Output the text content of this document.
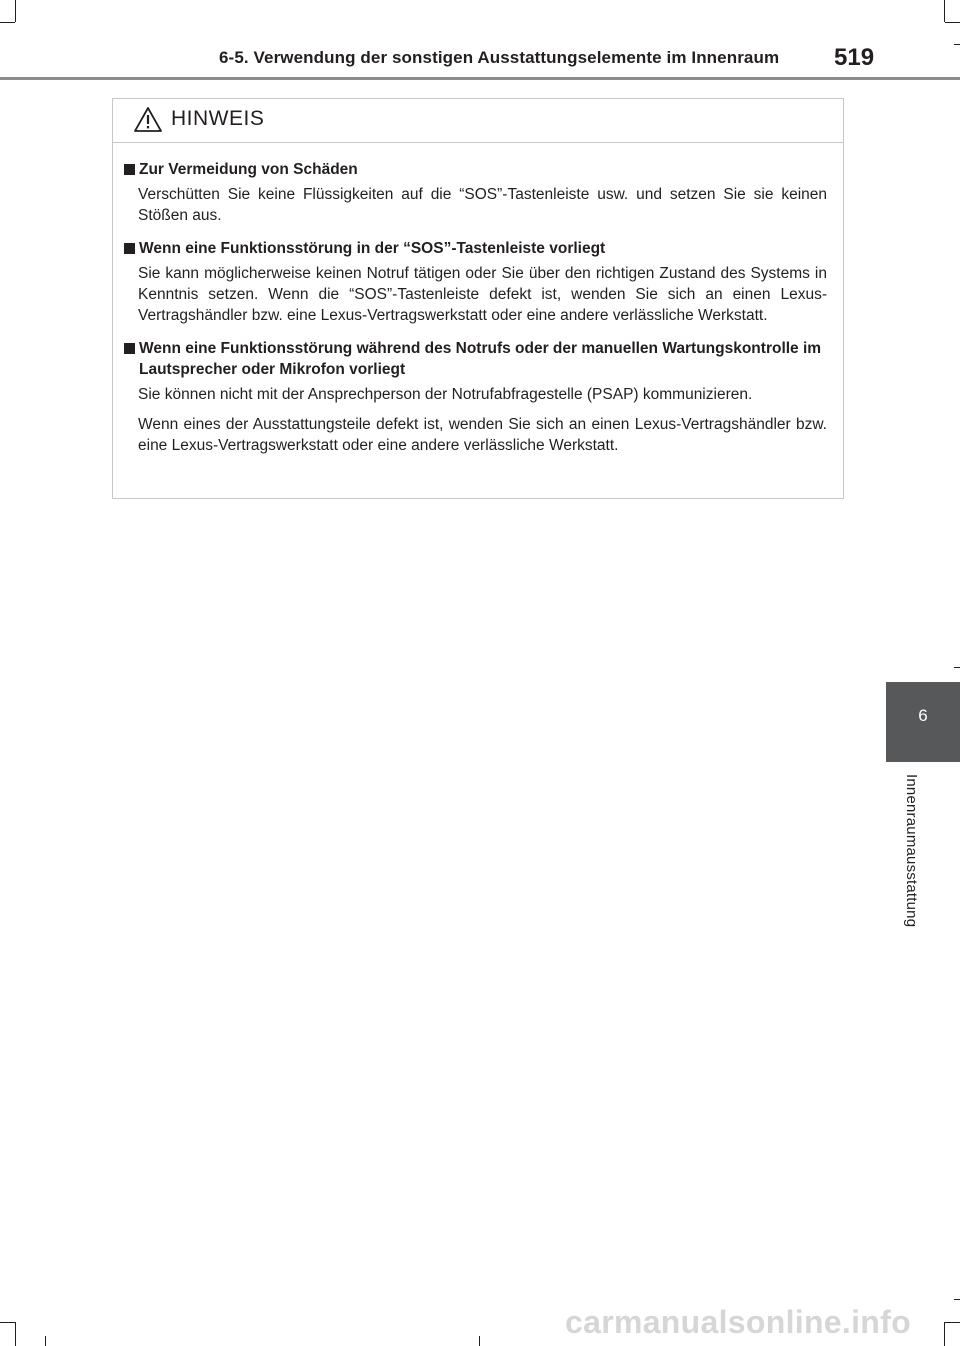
6-5. Verwendung der sonstigen Ausstattungselemente im Innenraum 519
HINWEIS
Zur Vermeidung von Schäden

Verschütten Sie keine Flüssigkeiten auf die “SOS”-Tastenleiste usw. und setzen Sie sie keinen Stößen aus.

Wenn eine Funktionsstörung in der “SOS”-Tastenleiste vorliegt

Sie kann möglicherweise keinen Notruf tätigen oder Sie über den richtigen Zustand des Systems in Kenntnis setzen. Wenn die “SOS”-Tastenleiste defekt ist, wenden Sie sich an einen Lexus-Vertragshändler bzw. eine Lexus-Vertragswerkstatt oder eine andere verlässliche Werkstatt.

Wenn eine Funktionsstörung während des Notrufs oder der manuellen Wartungskontrolle im Lautsprecher oder Mikrofon vorliegt

Sie können nicht mit der Ansprechperson der Notrufabfragestelle (PSAP) kommunizieren.

Wenn eines der Ausstattungsteile defekt ist, wenden Sie sich an einen Lexus-Vertragshändler bzw. eine Lexus-Vertragswerkstatt oder eine andere verlässliche Werkstatt.

6
Innenraumausstattung
carmanualsonline.info
